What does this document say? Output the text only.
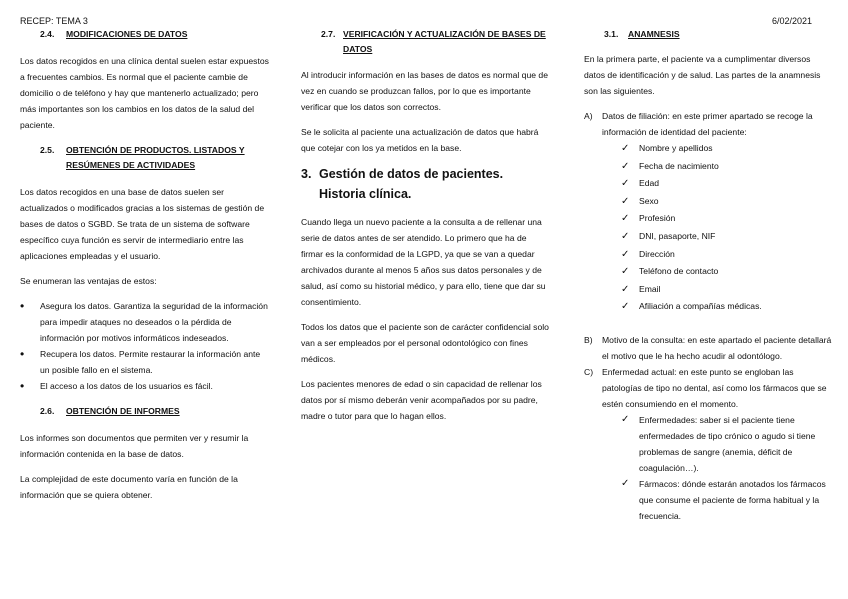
RECEP: TEMA 3	6/02/2021
2.4.	MODIFICACIONES DE DATOS

Los datos recogidos en una clínica dental suelen estar expuestos a frecuentes cambios. Es normal que el paciente cambie de domicilio o de teléfono y hay que mantenerlo actualizado; pero más importantes son los cambios en los datos de la salud del paciente.

2.5.	OBTENCIÓN DE PRODUCTOS. LISTADOS Y RESÚMENES DE ACTIVIDADES

Los datos recogidos en una base de datos suelen ser actualizados o modificados gracias a los sistemas de gestión de bases de datos o SGBD. Se trata de un sistema de software específico cuya función es servir de intermediario entre las aplicaciones empleadas y el usuario.

Se enumeran las ventajas de estos:

• Asegura los datos. Garantiza la seguridad de la información para impedir ataques no deseados o la pérdida de información por motivos informáticos indeseados.
• Recupera los datos. Permite restaurar la información ante un posible fallo en el sistema.
• El acceso a los datos de los usuarios es fácil.
2.6.	OBTENCIÓN DE INFORMES

Los informes son documentos que permiten ver y resumir la información contenida en la base de datos.

La complejidad de este documento varía en función de la información que se quiera obtener.

2.7. VERIFICACIÓN Y ACTUALIZACIÓN DE BASES DE DATOS

Al introducir información en las bases de datos es normal que de vez en cuando se produzcan fallos, por lo que es importante verificar que los datos son correctos.

Se le solicita al paciente una actualización de datos que habrá que cotejar con los ya metidos en la base.

3. Gestión de datos de pacientes. Historia clínica.

Cuando llega un nuevo paciente a la consulta a de rellenar una serie de datos antes de ser atendido. Lo primero que ha de firmar es la conformidad de la LGPD, ya que se van a quedar archivados durante al menos 5 años sus datos personales y de salud, así como su historial médico, y para ello, tiene que dar su consentimiento.

Todos los datos que el paciente son de carácter confidencial solo van a ser empleados por el personal odontológico con fines médicos.

Los pacientes menores de edad o sin capacidad de rellenar los datos por sí mismo deberán venir acompañados por su padre, madre o tutor para que lo hagan ellos.

3.1.	ANAMNESIS

En la primera parte, el paciente va a cumplimentar diversos datos de identificación y de salud. Las partes de la anamnesis son las siguientes.

A)	Datos de filiación: en este primer apartado se recoge la información de identidad del paciente:
✓ Nombre y apellidos
✓ Fecha de nacimiento
✓ Edad
✓ Sexo
✓ Profesión
✓ DNI, pasaporte, NIF
✓ Dirección
✓ Teléfono de contacto
✓ Email
✓ Afiliación a compañías médicas.
B)	Motivo de la consulta: en este apartado el paciente detallará el motivo que le ha hecho acudir al odontólogo.
C)	Enfermedad actual: en este punto se engloban las patologías de tipo no dental, así como los fármacos que se estén consumiendo en el momento.
✓ Enfermedades: saber si el paciente tiene enfermedades de tipo crónico o agudo si tiene problemas de sangre (anemia, déficit de coagulación…).
✓ Fármacos: dónde estarán anotados los fármacos que consume el paciente de forma habitual y la frecuencia.
